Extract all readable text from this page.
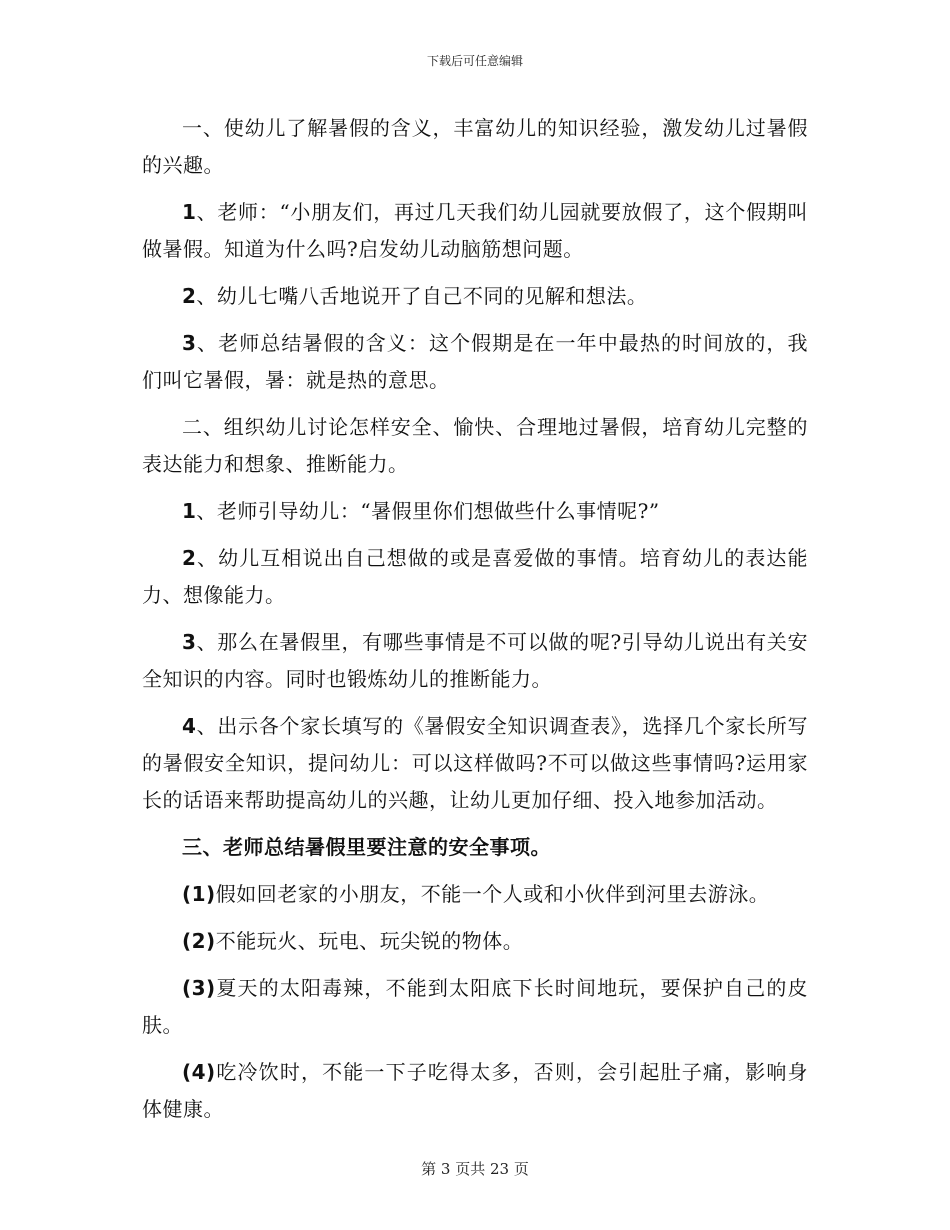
下载后可任意编辑

一、使幼儿了解暑假的含义，丰富幼儿的知识经验，激发幼儿过暑假的兴趣。

1、老师：“小朋友们，再过几天我们幼儿园就要放假了，这个假期叫做暑假。知道为什么吗?启发幼儿动脑筋想问题。

2、幼儿七嘴八舌地说开了自己不同的见解和想法。

3、老师总结暑假的含义：这个假期是在一年中最热的时间放的，我们叫它暑假，暑：就是热的意思。

二、组织幼儿讨论怎样安全、愉快、合理地过暑假，培育幼儿完整的表达能力和想象、推断能力。

1、老师引导幼儿：“暑假里你们想做些什么事情呢?”

2、幼儿互相说出自己想做的或是喜爱做的事情。培育幼儿的表达能力、想像能力。

3、那么在暑假里，有哪些事情是不可以做的呢?引导幼儿说出有关安全知识的内容。同时也锻炼幼儿的推断能力。

4、出示各个家长填写的《暑假安全知识调查表》，选择几个家长所写的暑假安全知识，提问幼儿：可以这样做吗?不可以做这些事情吗?运用家长的话语来帮助提高幼儿的兴趣，让幼儿更加仔细、投入地参加活动。

三、老师总结暑假里要注意的安全事项。

(1)假如回老家的小朋友，不能一个人或和小伙伴到河里去游泳。

(2)不能玩火、玩电、玩尖锐的物体。

(3)夏天的太阳毒辣，不能到太阳底下长时间地玩，要保护自己的皮肤。

(4)吃冷饮时，不能一下子吃得太多，否则，会引起肚子痛，影响身体健康。

第 3 页共 23 页
